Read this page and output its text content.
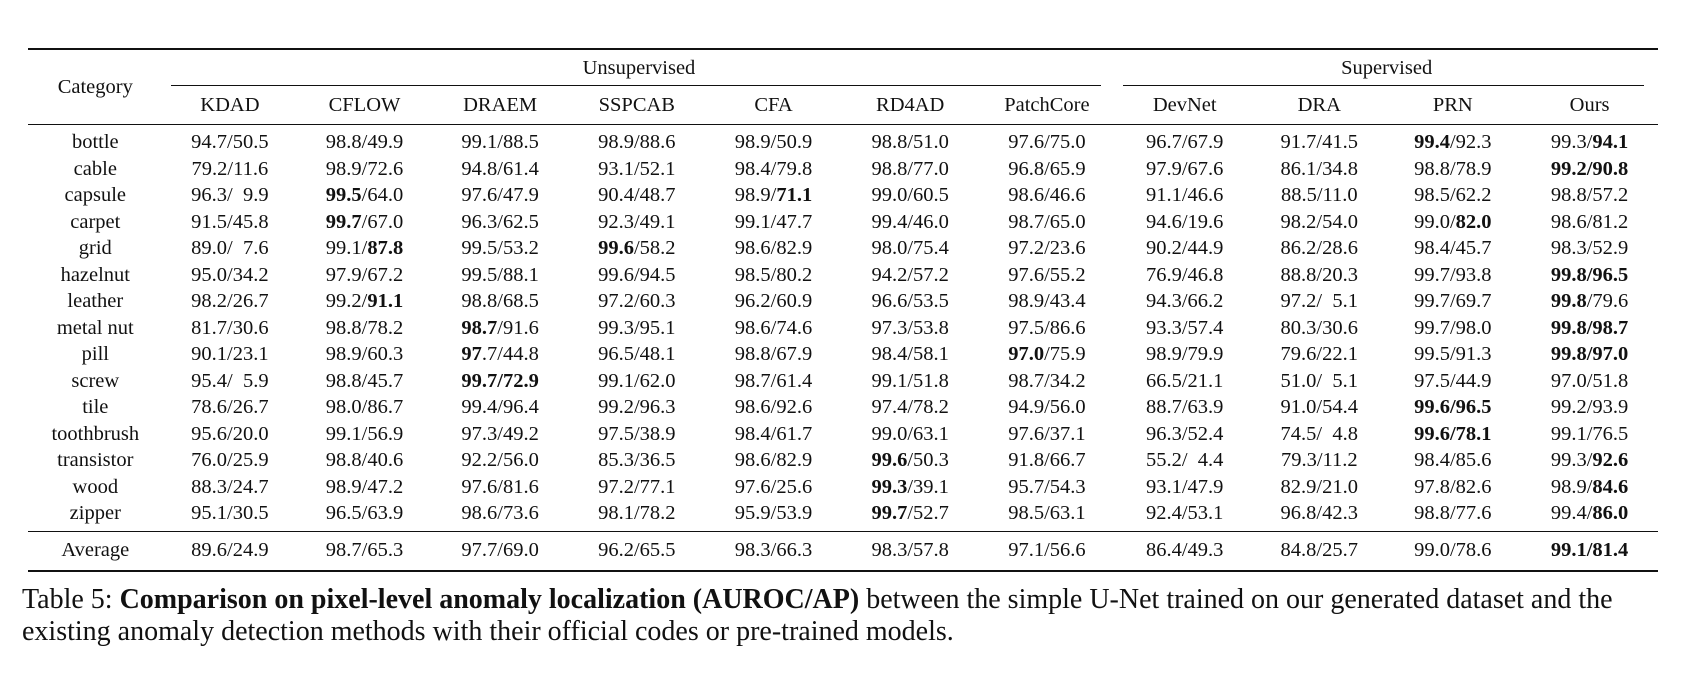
Category	Unsupervised							Supervised			
	KDAD	CFLOW	DRAEM	SSPCAB	CFA	RD4AD	PatchCore	DevNet	DRA	PRN	Ours
bottle	94.7/50.5	98.8/49.9	99.1/88.5	98.9/88.6	98.9/50.9	98.8/51.0	97.6/75.0	96.7/67.9	91.7/41.5	99.4/92.3	99.3/94.1
cable	79.2/11.6	98.9/72.6	94.8/61.4	93.1/52.1	98.4/79.8	98.8/77.0	96.8/65.9	97.9/67.6	86.1/34.8	98.8/78.9	99.2/90.8
capsule	96.3/  9.9	99.5/64.0	97.6/47.9	90.4/48.7	98.9/71.1	99.0/60.5	98.6/46.6	91.1/46.6	88.5/11.0	98.5/62.2	98.8/57.2
carpet	91.5/45.8	99.7/67.0	96.3/62.5	92.3/49.1	99.1/47.7	99.4/46.0	98.7/65.0	94.6/19.6	98.2/54.0	99.0/82.0	98.6/81.2
grid	89.0/  7.6	99.1/87.8	99.5/53.2	99.6/58.2	98.6/82.9	98.0/75.4	97.2/23.6	90.2/44.9	86.2/28.6	98.4/45.7	98.3/52.9
hazelnut	95.0/34.2	97.9/67.2	99.5/88.1	99.6/94.5	98.5/80.2	94.2/57.2	97.6/55.2	76.9/46.8	88.8/20.3	99.7/93.8	99.8/96.5
leather	98.2/26.7	99.2/91.1	98.8/68.5	97.2/60.3	96.2/60.9	96.6/53.5	98.9/43.4	94.3/66.2	97.2/  5.1	99.7/69.7	99.8/79.6
metal nut	81.7/30.6	98.8/78.2	98.7/91.6	99.3/95.1	98.6/74.6	97.3/53.8	97.5/86.6	93.3/57.4	80.3/30.6	99.7/98.0	99.8/98.7
pill	90.1/23.1	98.9/60.3	97.7/44.8	96.5/48.1	98.8/67.9	98.4/58.1	97.0/75.9	98.9/79.9	79.6/22.1	99.5/91.3	99.8/97.0
screw	95.4/  5.9	98.8/45.7	99.7/72.9	99.1/62.0	98.7/61.4	99.1/51.8	98.7/34.2	66.5/21.1	51.0/  5.1	97.5/44.9	97.0/51.8
tile	78.6/26.7	98.0/86.7	99.4/96.4	99.2/96.3	98.6/92.6	97.4/78.2	94.9/56.0	88.7/63.9	91.0/54.4	99.6/96.5	99.2/93.9
toothbrush	95.6/20.0	99.1/56.9	97.3/49.2	97.5/38.9	98.4/61.7	99.0/63.1	97.6/37.1	96.3/52.4	74.5/  4.8	99.6/78.1	99.1/76.5
transistor	76.0/25.9	98.8/40.6	92.2/56.0	85.3/36.5	98.6/82.9	99.6/50.3	91.8/66.7	55.2/  4.4	79.3/11.2	98.4/85.6	99.3/92.6
wood	88.3/24.7	98.9/47.2	97.6/81.6	97.2/77.1	97.6/25.6	99.3/39.1	95.7/54.3	93.1/47.9	82.9/21.0	97.8/82.6	98.9/84.6
zipper	95.1/30.5	96.5/63.9	98.6/73.6	98.1/78.2	95.9/53.9	99.7/52.7	98.5/63.1	92.4/53.1	96.8/42.3	98.8/77.6	99.4/86.0
Average	89.6/24.9	98.7/65.3	97.7/69.0	96.2/65.5	98.3/66.3	98.3/57.8	97.1/56.6	86.4/49.3	84.8/25.7	99.0/78.6	99.1/81.4
Table 5: Comparison on pixel-level anomaly localization (AUROC/AP) between the simple U-Net trained on our generated dataset and the existing anomaly detection methods with their official codes or pre-trained models.
